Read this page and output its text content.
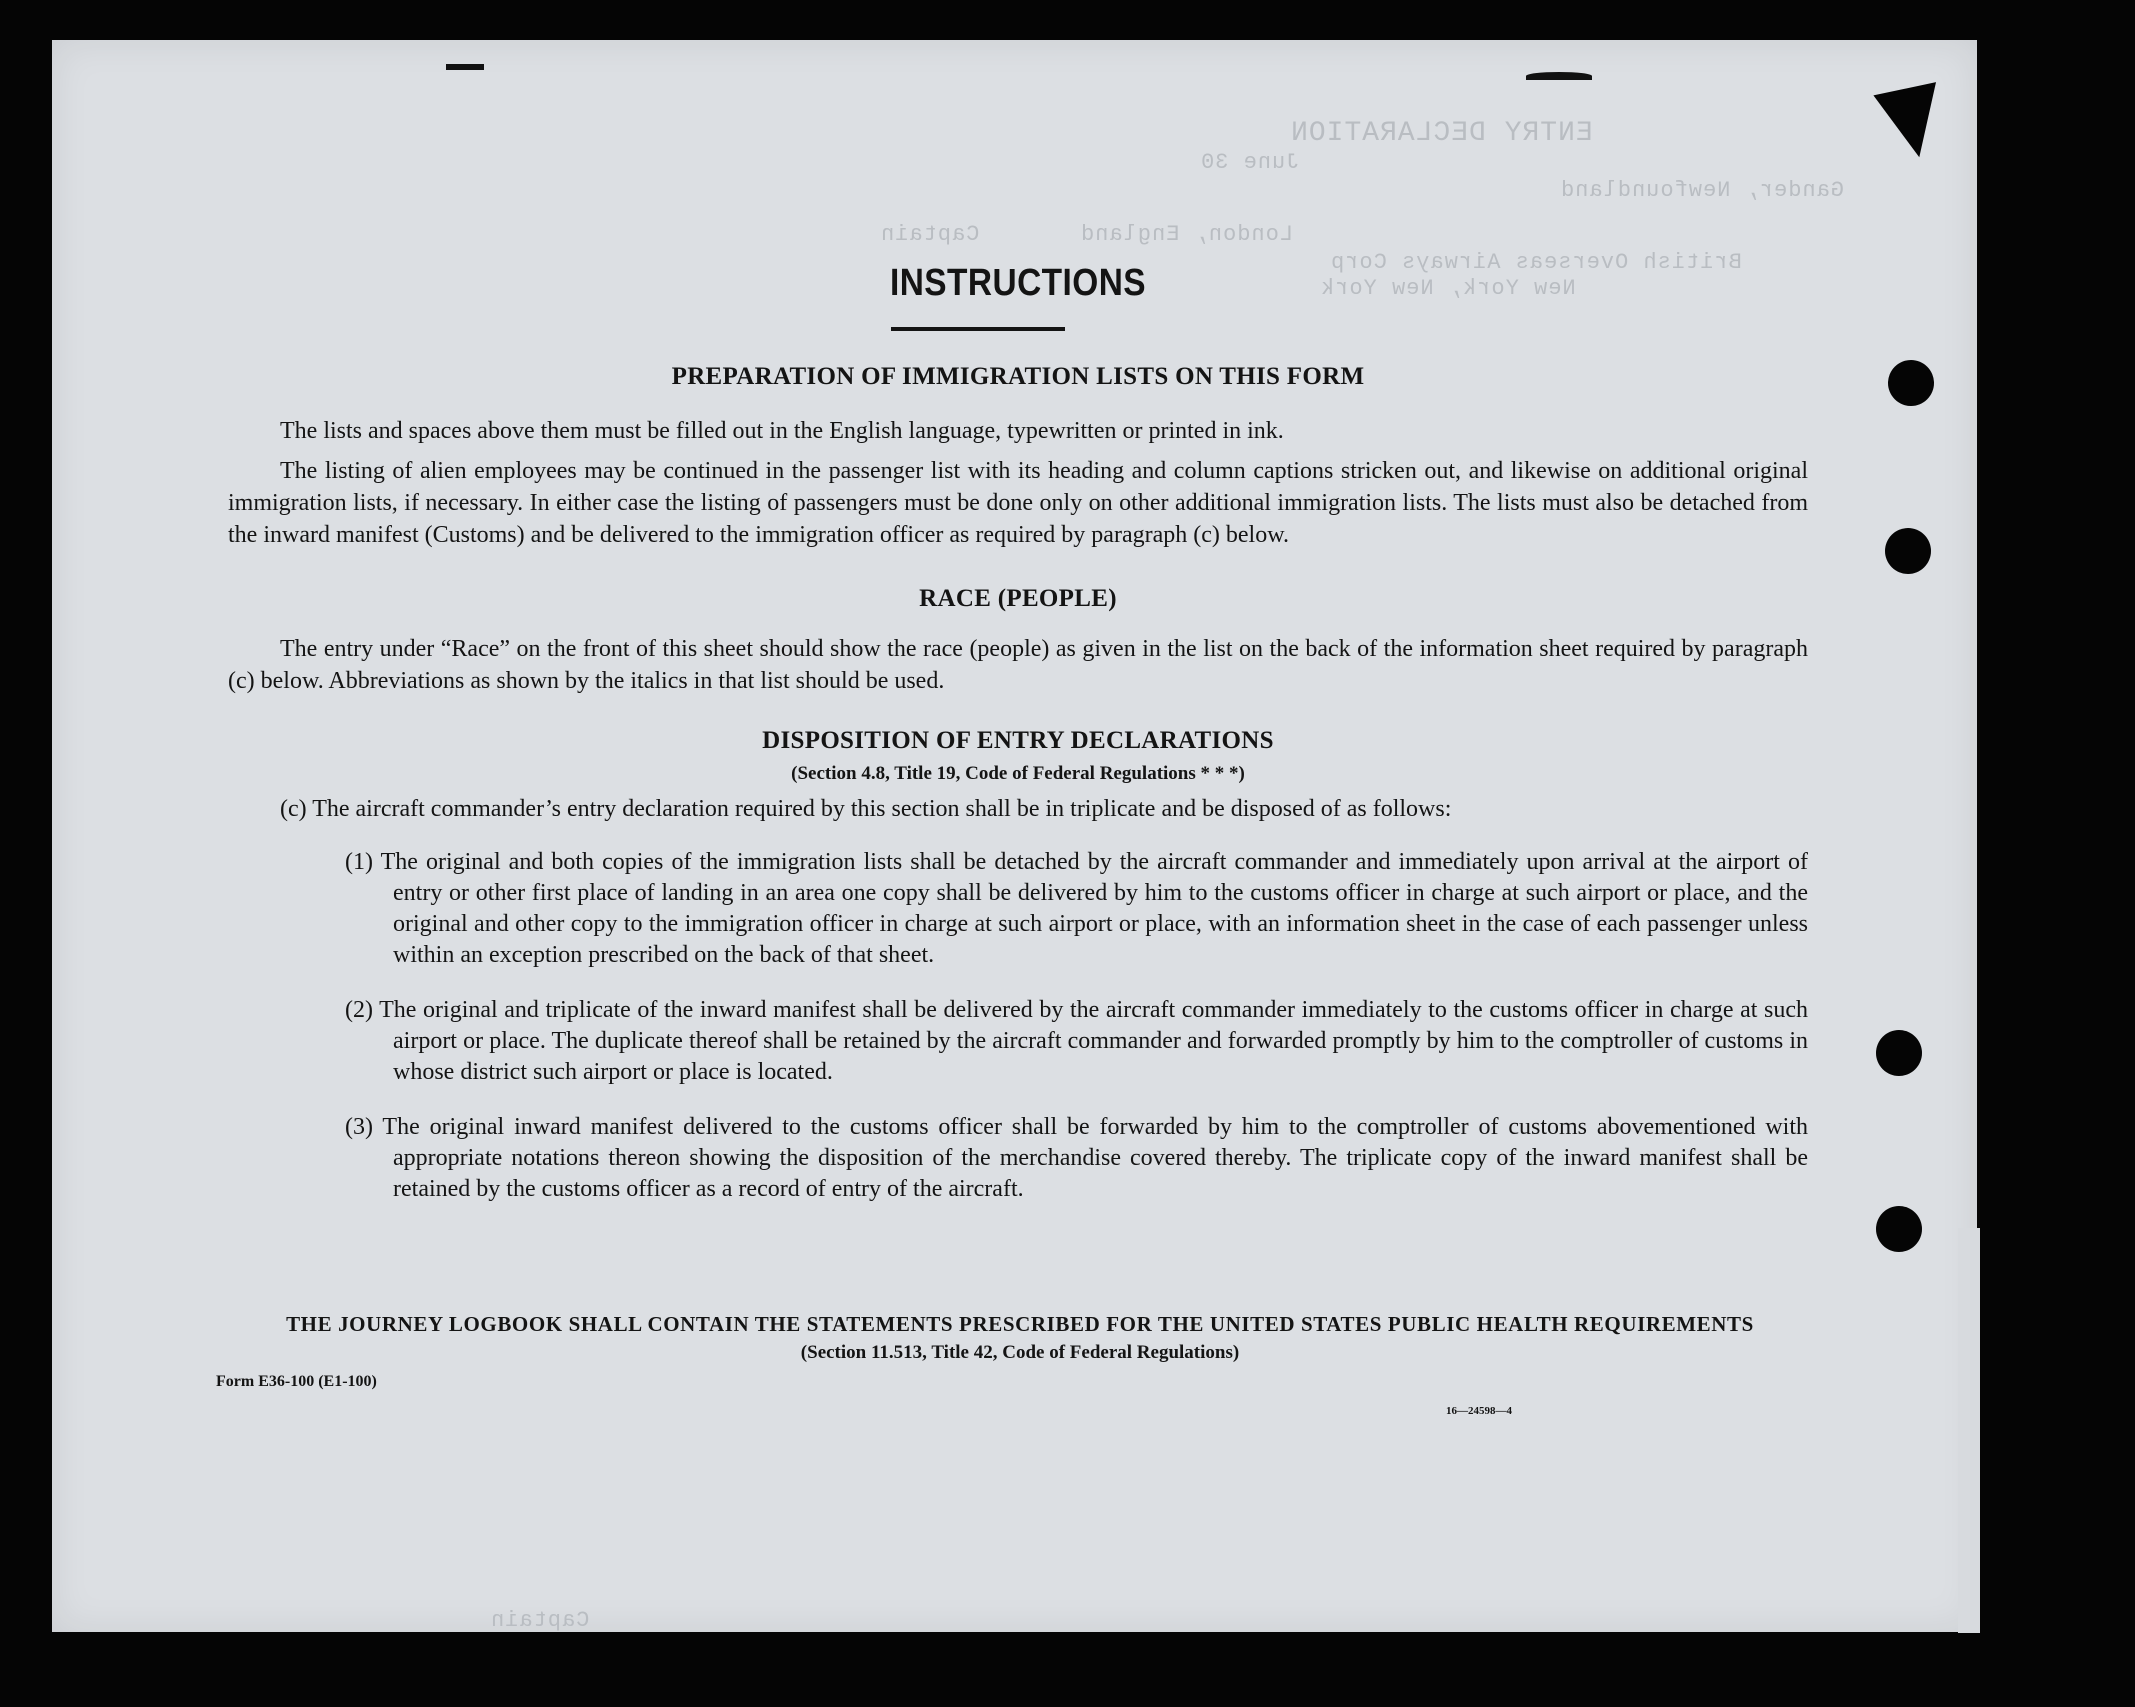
ENTRY DECLARATION
June 30
Gander, Newfoundland
London, England
Captain
British Overseas Airways Corp
New York, New York
Captain
INSTRUCTIONS
PREPARATION OF IMMIGRATION LISTS ON THIS FORM

The lists and spaces above them must be filled out in the English language, typewritten or printed in ink.

The listing of alien employees may be continued in the passenger list with its heading and column captions stricken out, and likewise on additional original immigration lists, if necessary. In either case the listing of passengers must be done only on other additional immigration lists. The lists must also be detached from the inward manifest (Customs) and be delivered to the immigration officer as required by paragraph (c) below.

RACE (PEOPLE)

The entry under “Race” on the front of this sheet should show the race (people) as given in the list on the back of the information sheet required by paragraph (c) below. Abbreviations as shown by the italics in that list should be used.

DISPOSITION OF ENTRY DECLARATIONS
(Section 4.8, Title 19, Code of Federal Regulations * * *)

(c) The aircraft commander’s entry declaration required by this section shall be in triplicate and be disposed of as follows:

(1) The original and both copies of the immigration lists shall be detached by the aircraft commander and immediately upon arrival at the airport of entry or other first place of landing in an area one copy shall be delivered by him to the customs officer in charge at such airport or place, and the original and other copy to the immigration officer in charge at such airport or place, with an information sheet in the case of each passenger unless within an exception prescribed on the back of that sheet.
(2) The original and triplicate of the inward manifest shall be delivered by the aircraft commander immediately to the customs officer in charge at such airport or place. The duplicate thereof shall be retained by the aircraft commander and forwarded promptly by him to the comptroller of customs in whose district such airport or place is located.
(3) The original inward manifest delivered to the customs officer shall be forwarded by him to the comptroller of customs abovementioned with appropriate notations thereon showing the disposition of the merchandise covered thereby. The triplicate copy of the inward manifest shall be retained by the customs officer as a record of entry of the aircraft.
THE JOURNEY LOGBOOK SHALL CONTAIN THE STATEMENTS PRESCRIBED FOR THE UNITED STATES PUBLIC HEALTH REQUIREMENTS
(Section 11.513, Title 42, Code of Federal Regulations)
Form E36-100 (E1-100)
16—24598—4
